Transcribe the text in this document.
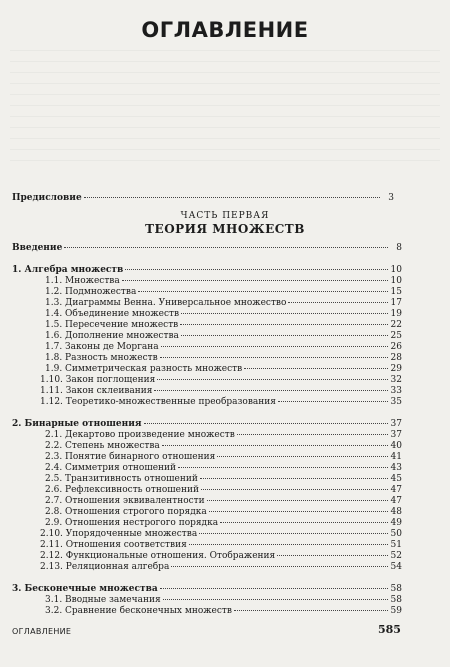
ОГЛАВЛЕНИЕ
Предисловие	3
ЧАСТЬ ПЕРВАЯ
ТЕОРИЯ МНОЖЕСТВ
Введение	8
1. Алгебра множеств	10
1.1. Множества	10
1.2. Подмножества	15
1.3. Диаграммы Венна. Универсальное множество	17
1.4. Объединение множеств	19
1.5. Пересечение множеств	22
1.6. Дополнение множества	25
1.7. Законы де Моргана	26
1.8. Разность множеств	28
1.9. Симметрическая разность множеств	29
1.10. Закон поглощения	32
1.11. Закон склеивания	33
1.12. Теоретико-множественные преобразования	35
2. Бинарные отношения	37
2.1. Декартово произведение множеств	37
2.2. Степень множества	40
2.3. Понятие бинарного отношения	41
2.4. Симметрия отношений	43
2.5. Транзитивность отношений	45
2.6. Рефлексивность отношений	47
2.7. Отношения эквивалентности	47
2.8. Отношения строгого порядка	48
2.9. Отношения нестрогого порядка	49
2.10. Упорядоченные множества	50
2.11. Отношения соответствия	51
2.12. Функциональные отношения. Отображения	52
2.13. Реляционная алгебра	54
3. Бесконечные множества	58
3.1. Вводные замечания	58
3.2. Сравнение бесконечных множеств	59
ОГЛАВЛЕНИЕ	585
